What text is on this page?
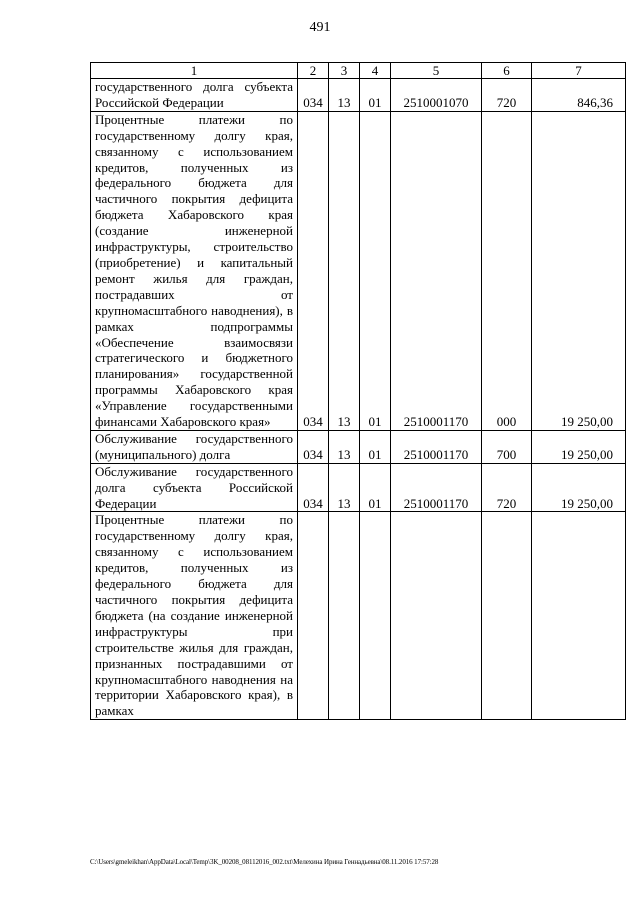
491
1	2	3	4	5	6	7
государственного долга субъекта Российской Федерации	034	13	01	2510001070	720	846,36
Процентные платежи по государственному долгу края, связанному с использованием кредитов, полученных из федерального бюджета для частичного покрытия дефицита бюджета Хабаровского края (создание инженерной инфраструктуры, строительство (приобретение) и капитальный ремонт жилья для граждан, пострадавших от крупномасштабного наводнения), в рамках подпрограммы «Обеспечение взаимосвязи стратегического и бюджетного планирования» государственной программы Хабаровского края «Управление государственными финансами Хабаровского края»	034	13	01	2510001170	000	19 250,00
Обслуживание государственного (муниципального) долга	034	13	01	2510001170	700	19 250,00
Обслуживание государственного долга субъекта Российской Федерации	034	13	01	2510001170	720	19 250,00
Процентные платежи по государственному долгу края, связанному с использованием кредитов, полученных из федерального бюджета для частичного покрытия дефицита бюджета (на создание инженерной инфраструктуры при строительстве жилья для граждан, признанных пострадавшими от крупномасштабного наводнения на территории Хабаровского края), в рамках						
C:\Users\gmeleikhan\AppData\Local\Temp\3K_00208_08112016_002.txt\Мелехина Ирина Геннадьевна\08.11.2016 17:57:28
